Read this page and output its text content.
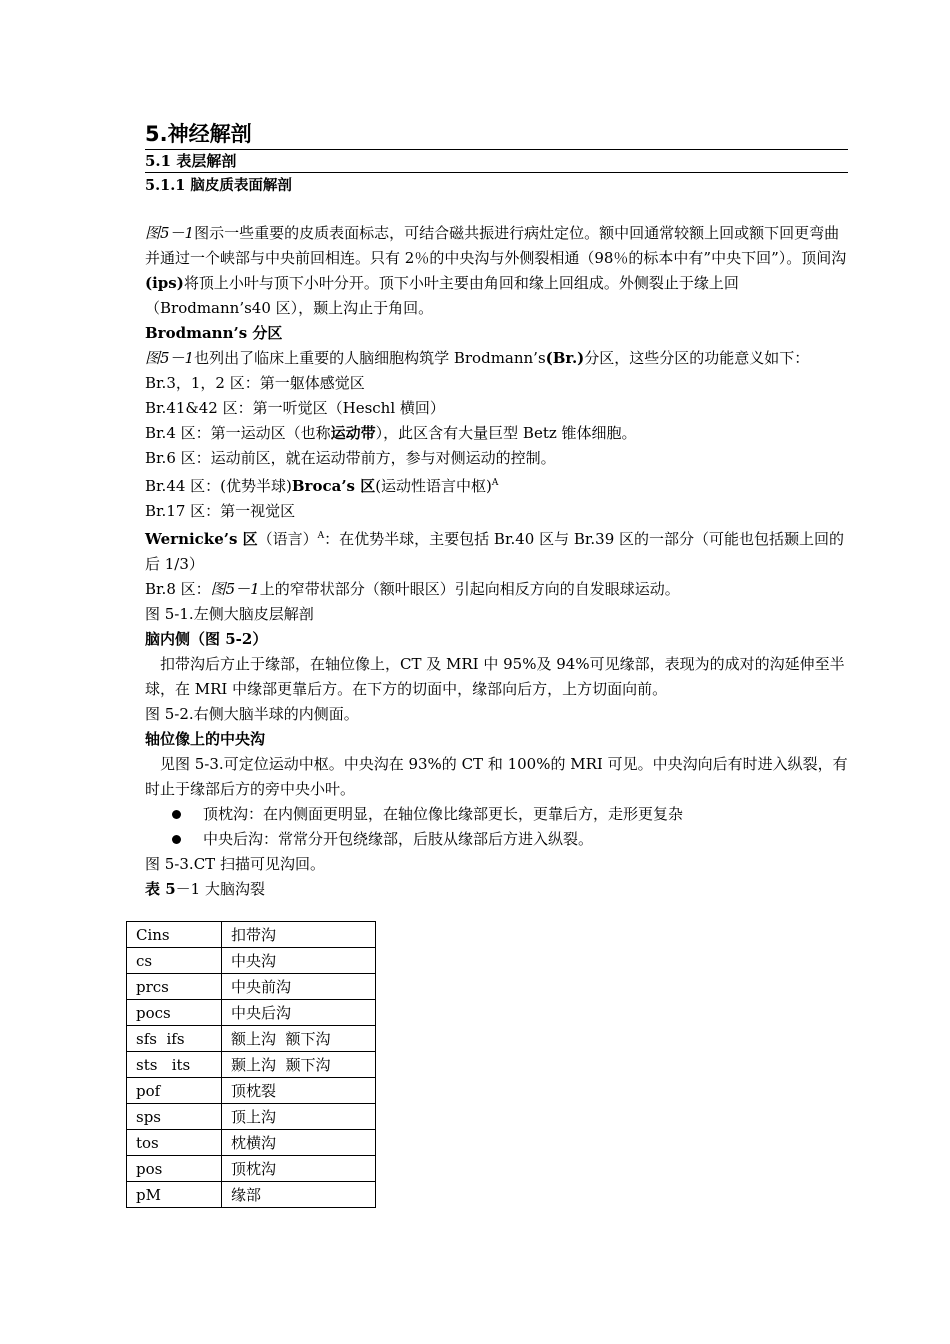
5.神经解剖
5.1 表层解剖
5.1.1 脑皮质表面解剖

图5－1图示一些重要的皮质表面标志，可结合磁共振进行病灶定位。额中回通常较额上回或额下回更弯曲并通过一个峡部与中央前回相连。只有 2％的中央沟与外侧裂相通（98％的标本中有”中央下回”）。顶间沟(ips)将顶上小叶与顶下小叶分开。顶下小叶主要由角回和缘上回组成。外侧裂止于缘上回（Brodmann’s40 区），颞上沟止于角回。

Brodmann’s 分区

图5－1也列出了临床上重要的人脑细胞构筑学 Brodmann’s(Br.)分区，这些分区的功能意义如下：

Br.3，1，2 区：第一躯体感觉区

Br.41&42 区：第一听觉区（Heschl 横回）

Br.4 区：第一运动区（也称运动带），此区含有大量巨型 Betz 锥体细胞。

Br.6 区：运动前区，就在运动带前方，参与对侧运动的控制。

Br.44 区：(优势半球)Broca’s 区(运动性语言中枢)$^A$

Br.17 区：第一视觉区

Wernicke’s 区（语言）$^A$：在优势半球，主要包括 Br.40 区与 Br.39 区的一部分（可能也包括颞上回的后 1/3）

Br.8 区：图5－1上的窄带状部分（额叶眼区）引起向相反方向的自发眼球运动。

图 5-1.左侧大脑皮层解剖

脑内侧（图 5-2）

扣带沟后方止于缘部，在轴位像上，CT 及 MRI 中 95%及 94%可见缘部，表现为的成对的沟延伸至半球，在 MRI 中缘部更靠后方。在下方的切面中，缘部向后方，上方切面向前。

图 5-2.右侧大脑半球的内侧面。

轴位像上的中央沟

见图 5-3.可定位运动中枢。中央沟在 93%的 CT 和 100%的 MRI 可见。中央沟向后有时进入纵裂，有时止于缘部后方的旁中央小叶。

顶枕沟：在内侧面更明显，在轴位像比缘部更长，更靠后方，走形更复杂
中央后沟：常常分开包绕缘部，后肢从缘部后方进入纵裂。

图 5-3.CT 扫描可见沟回。

表 5－1 大脑沟裂

Cins	扣带沟
cs	中央沟
prcs	中央前沟
pocs	中央后沟
sfs  ifs	额上沟  额下沟
sts   its	颞上沟  颞下沟
pof	顶枕裂
sps	顶上沟
tos	枕横沟
pos	顶枕沟
pM	缘部
